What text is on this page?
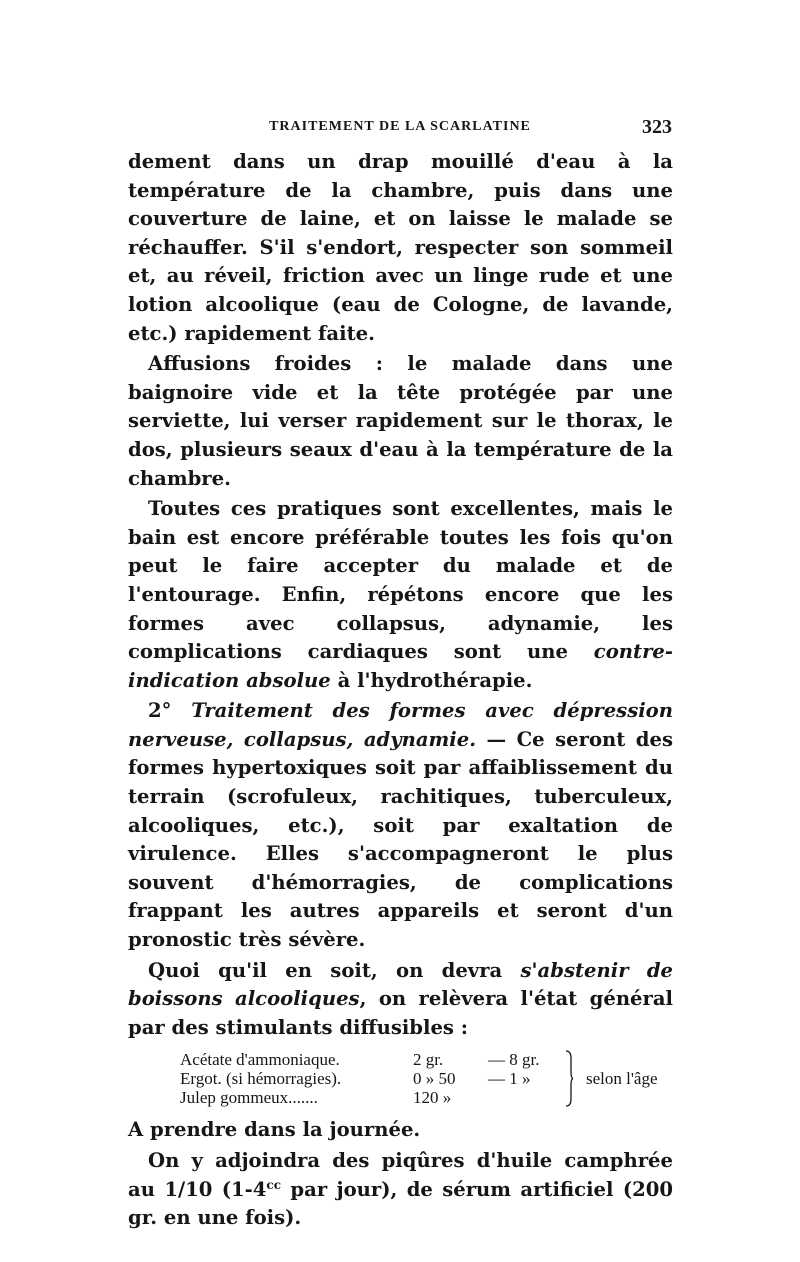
TRAITEMENT DE LA SCARLATINE	323

dement dans un drap mouillé d'eau à la température de la chambre, puis dans une couverture de laine, et on laisse le malade se réchauffer. S'il s'endort, respecter son sommeil et, au réveil, friction avec un linge rude et une lotion alcoolique (eau de Cologne, de lavande, etc.) rapidement faite.

Affusions froides : le malade dans une baignoire vide et la tête protégée par une serviette, lui verser rapidement sur le thorax, le dos, plusieurs seaux d'eau à la température de la chambre.

Toutes ces pratiques sont excellentes, mais le bain est encore préférable toutes les fois qu'on peut le faire accepter du malade et de l'entourage. Enfin, répétons encore que les formes avec collapsus, adynamie, les complications cardiaques sont une contre-indication absolue à l'hydrothérapie.

2° Traitement des formes avec dépression nerveuse, collapsus, adynamie. — Ce seront des formes hypertoxiques soit par affaiblissement du terrain (scrofuleux, rachitiques, tuberculeux, alcooliques, etc.), soit par exaltation de virulence. Elles s'accompagneront le plus souvent d'hémorragies, de complications frappant les autres appareils et seront d'un pronostic très sévère.

Quoi qu'il en soit, on devra s'abstenir de boissons alcooliques, on relèvera l'état général par des stimulants diffusibles :

Acétate d'ammoniaque.	2 gr.	— 8 gr.
Ergot. (si hémorragies).	0 » 50	— 1 »
Julep gommeux.......	120 »
selon l'âge

A prendre dans la journée.

On y adjoindra des piqûres d'huile camphrée au 1/10 ($1-4^{cc}$ par jour), de sérum artificiel (200 gr. en une fois).
